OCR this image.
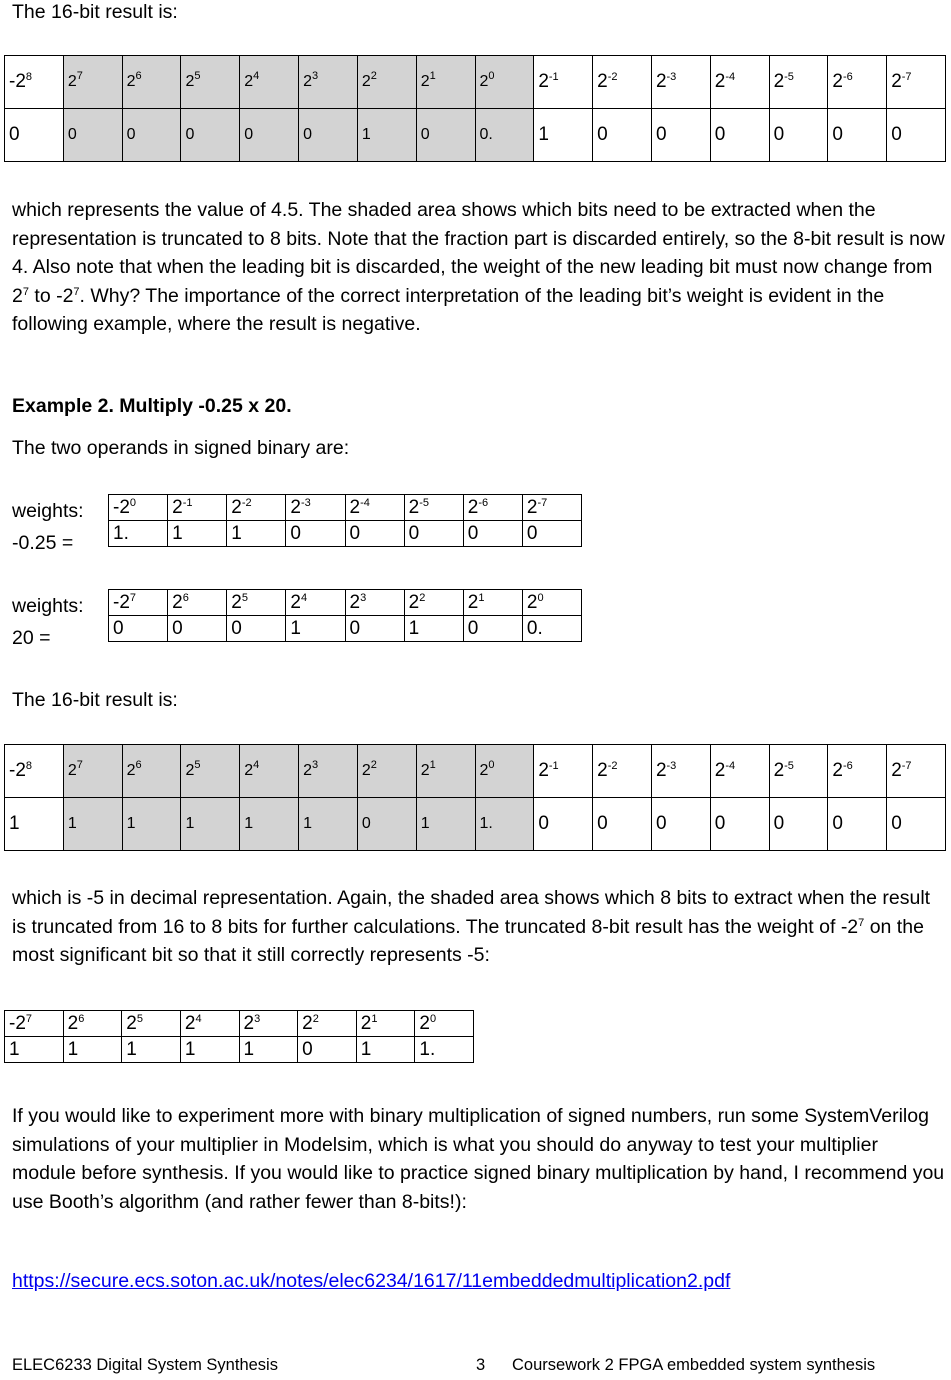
The 16-bit result is:
$-2^8$	$2^7$	$2^6$	$2^5$	$2^4$	$2^3$	$2^2$	$2^1$	$2^0$	$2^{-1}$	$2^{-2}$	$2^{-3}$	$2^{-4}$	$2^{-5}$	$2^{-6}$	$2^{-7}$
0	0	0	0	0	0	1	0	0.	1	0	0	0	0	0	0

which represents the value of 4.5. The shaded area shows which bits need to be extracted when the representation is truncated to 8 bits. Note that the fraction part is discarded entirely, so the 8-bit result is now 4. Also note that when the leading bit is discarded, the weight of the new leading bit must now change from $2^7$ to $-2^7$. Why? The importance of the correct interpretation of the leading bit’s weight is evident in the following example, where the result is negative.

Example 2. Multiply -0.25 x 20.
The two operands in signed binary are:
weights:
-0.25 =
$-2^0$	$2^{-1}$	$2^{-2}$	$2^{-3}$	$2^{-4}$	$2^{-5}$	$2^{-6}$	$2^{-7}$
1.	1	1	0	0	0	0	0
weights:
20 =
$-2^7$	$2^6$	$2^5$	$2^4$	$2^3$	$2^2$	$2^1$	$2^0$
0	0	0	1	0	1	0	0.
The 16-bit result is:
$-2^8$	$2^7$	$2^6$	$2^5$	$2^4$	$2^3$	$2^2$	$2^1$	$2^0$	$2^{-1}$	$2^{-2}$	$2^{-3}$	$2^{-4}$	$2^{-5}$	$2^{-6}$	$2^{-7}$
1	1	1	1	1	1	0	1	1.	0	0	0	0	0	0	0

which is -5 in decimal representation. Again, the shaded area shows which 8 bits to extract when the result is truncated from 16 to 8 bits for further calculations. The truncated 8-bit result has the weight of $-2^7$ on the most significant bit so that it still correctly represents -5:

$-2^7$	$2^6$	$2^5$	$2^4$	$2^3$	$2^2$	$2^1$	$2^0$
1	1	1	1	1	0	1	1.

If you would like to experiment more with binary multiplication of signed numbers, run some SystemVerilog simulations of your multiplier in Modelsim, which is what you should do anyway to test your multiplier module before synthesis. If you would like to practice signed binary multiplication by hand, I recommend you use Booth’s algorithm (and rather fewer than 8-bits!):

https://secure.ecs.soton.ac.uk/notes/elec6234/1617/11embeddedmultiplication2.pdf
ELEC6233 Digital System Synthesis	3 Coursework 2 FPGA embedded system synthesis
